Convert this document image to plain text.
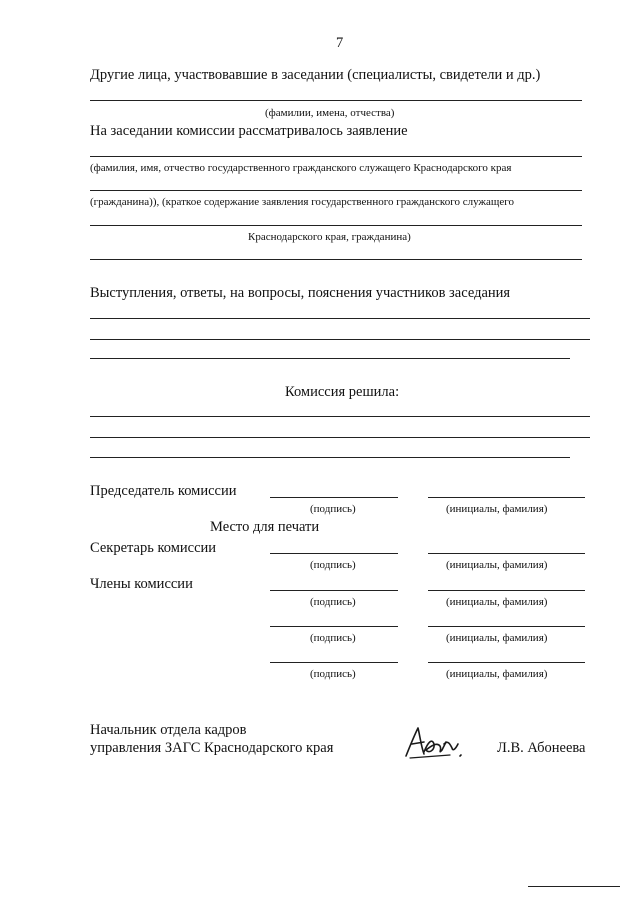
7
Другие лица, участвовавшие в заседании (специалисты, свидетели и др.)
(фамилии, имена, отчества)
На заседании комиссии рассматривалось заявление
(фамилия, имя, отчество государственного гражданского служащего Краснодарского края
(гражданина)), (краткое содержание заявления государственного гражданского служащего
Краснодарского края, гражданина)
Выступления, ответы, на вопросы, пояснения участников заседания
Комиссия решила:
Председатель комиссии
(подпись)	(инициалы, фамилия)
Место для печати
Секретарь комиссии
(подпись)	(инициалы, фамилия)
Члены комиссии
(подпись)	(инициалы, фамилия)
(подпись)	(инициалы, фамилия)
(подпись)	(инициалы, фамилия)
Начальник отдела кадров
управления ЗАГС Краснодарского края	Л.В. Абонеева
